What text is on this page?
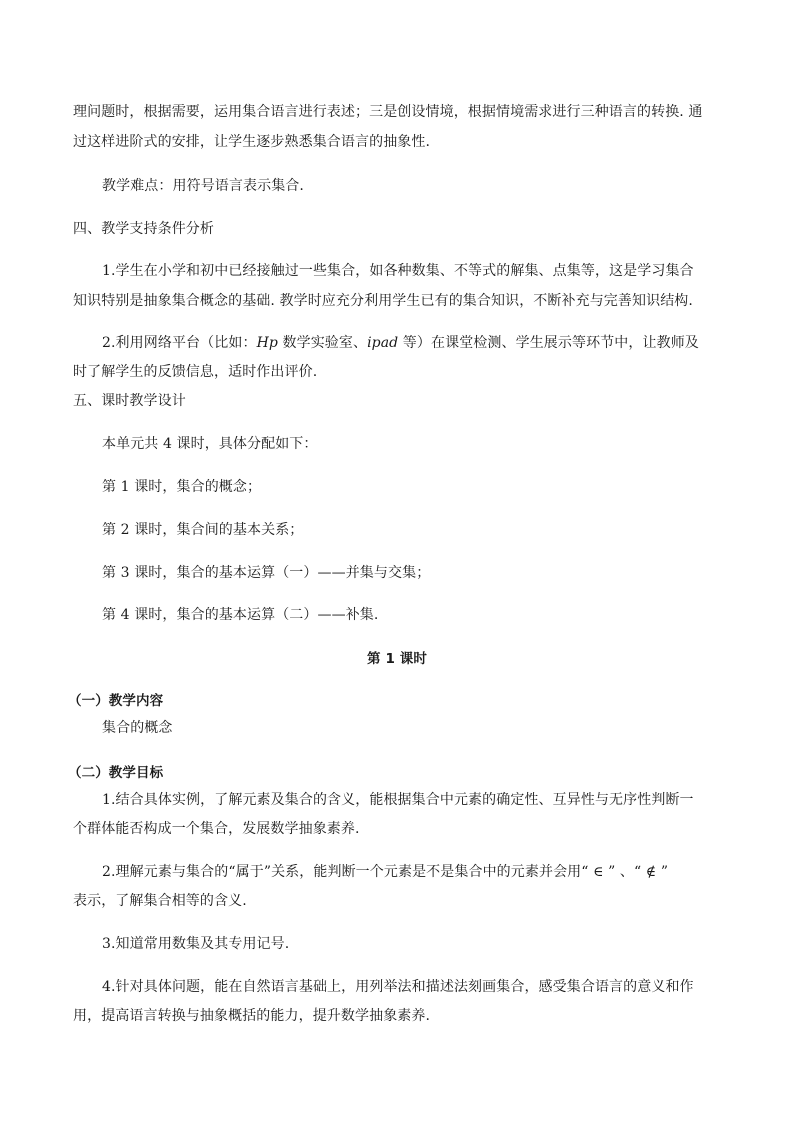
理问题时，根据需要，运用集合语言进行表述；三是创设情境，根据情境需求进行三种语言的转换. 通
过这样进阶式的安排，让学生逐步熟悉集合语言的抽象性.
教学难点：用符号语言表示集合.
四、教学支持条件分析
1.学生在小学和初中已经接触过一些集合，如各种数集、不等式的解集、点集等，这是学习集合
知识特别是抽象集合概念的基础. 教学时应充分利用学生已有的集合知识，不断补充与完善知识结构.
2.利用网络平台（比如：Hp 数学实验室、ipad 等）在课堂检测、学生展示等环节中，让教师及
时了解学生的反馈信息，适时作出评价.
五、课时教学设计
本单元共 4 课时，具体分配如下：
第 1 课时，集合的概念；
第 2 课时，集合间的基本关系；
第 3 课时，集合的基本运算（一）——并集与交集；
第 4 课时，集合的基本运算（二）——补集.
第 1 课时
（一）教学内容
集合的概念
（二）教学目标
1.结合具体实例，了解元素及集合的含义，能根据集合中元素的确定性、互异性与无序性判断一
个群体能否构成一个集合，发展数学抽象素养.
2.理解元素与集合的“属于”关系，能判断一个元素是不是集合中的元素并会用“ ∈ ” 、“ ∉ ”
表示，了解集合相等的含义.
3.知道常用数集及其专用记号.
4.针对具体问题，能在自然语言基础上，用列举法和描述法刻画集合，感受集合语言的意义和作
用，提高语言转换与抽象概括的能力，提升数学抽象素养.
